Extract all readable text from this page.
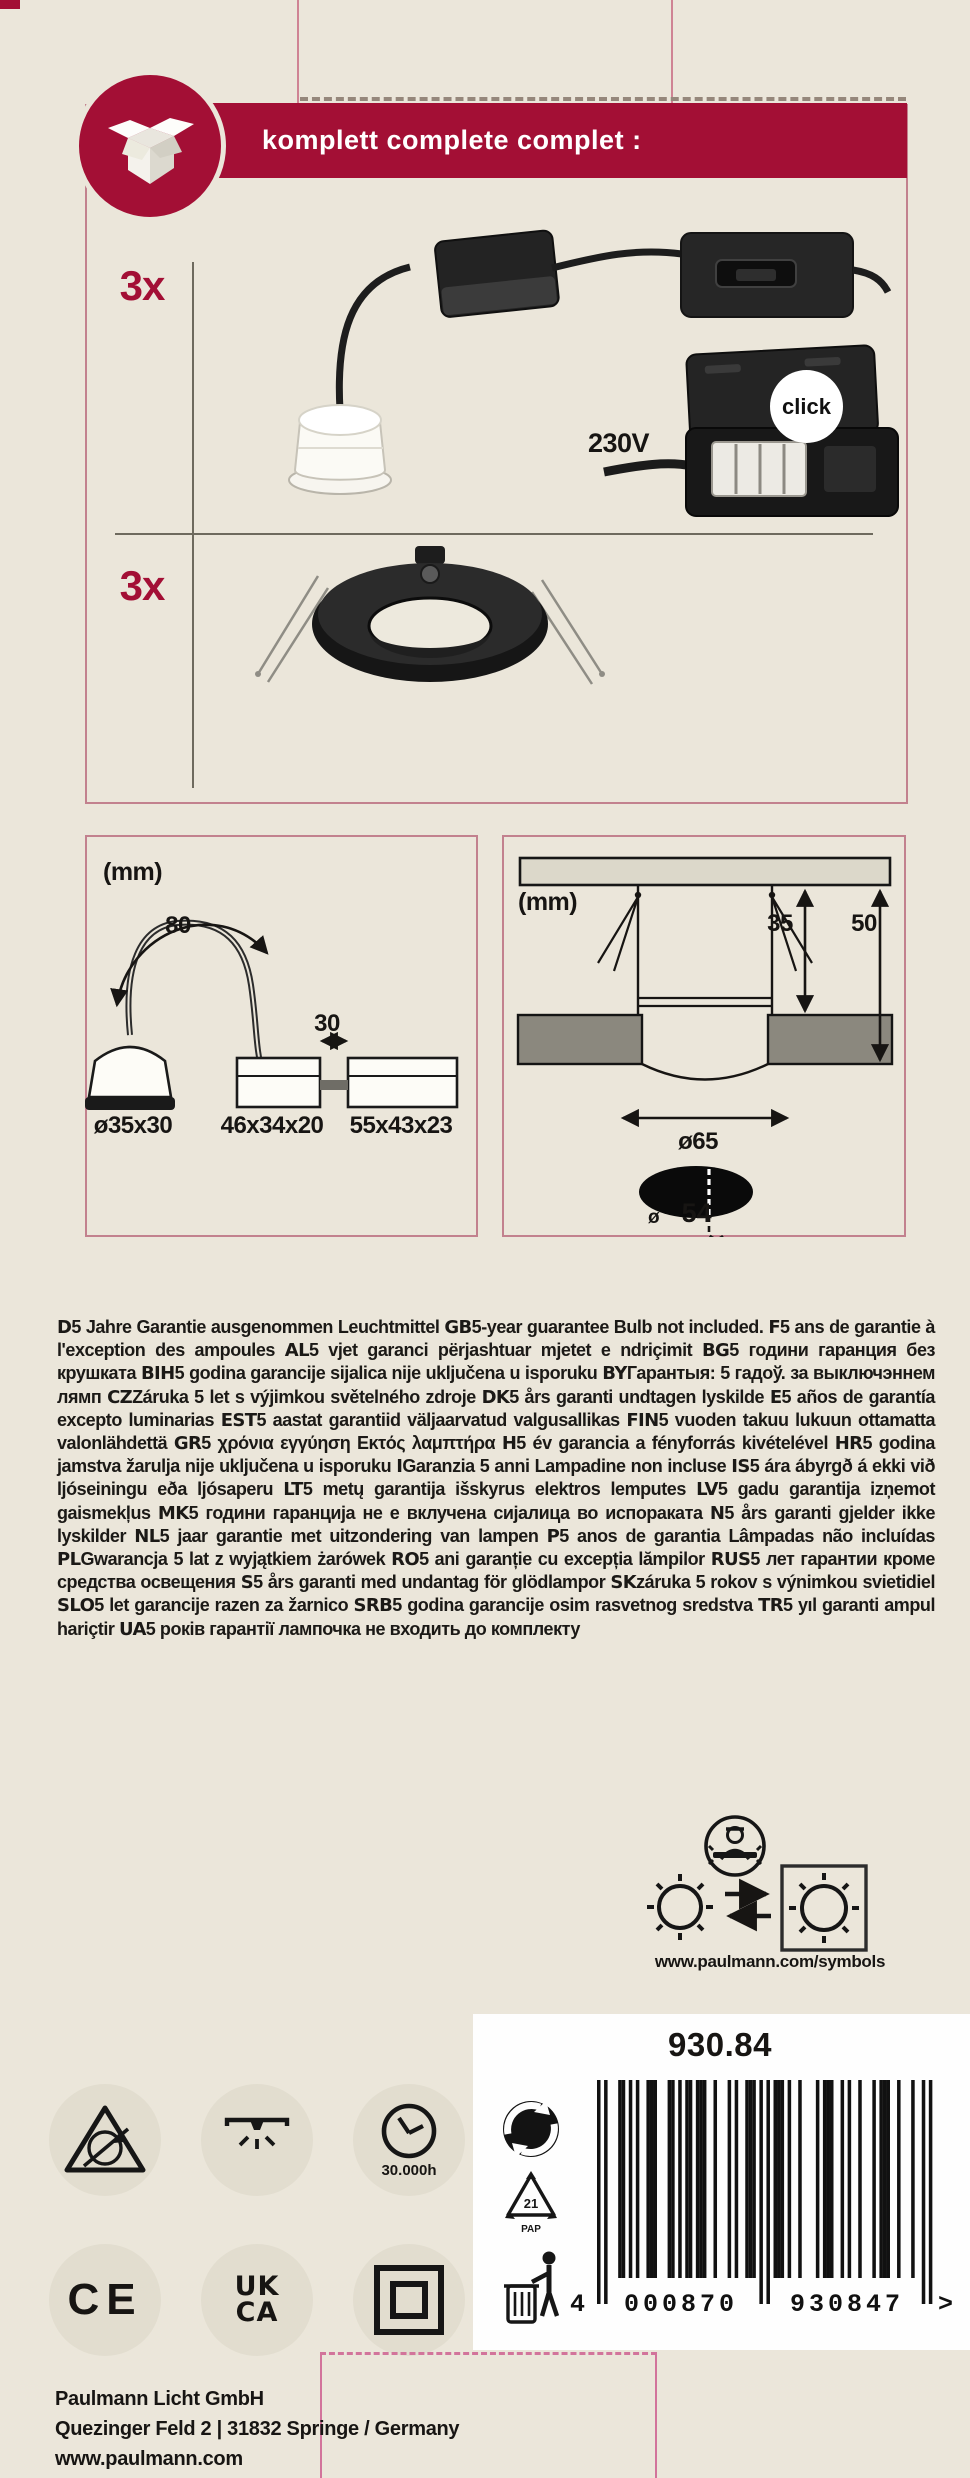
komplett complete complet :
3x
3x
click
230V
(mm)
80
30
ø35x30	46x34x20 55x43x23
(mm)
35	50
ø65
ø 54
D5 Jahre Garantie ausgenommen Leuchtmittel GB5-year guarantee Bulb not included. F5 ans de garantie à l'exception des ampoules AL5 vjet garanci përjashtuar mjetet e ndriçimit BG5 години гаранция без крушката BIH5 godina garancije sijalica nije uključena u isporuku BYГарантыя: 5 гадоў. за выключэннем лямп CZZáruka 5 let s výjimkou světelného zdroje DK5 års garanti undtagen lyskilde E5 años de garantía excepto luminarias EST5 aastat garantiid väljaarvatud valgusallikas FIN5 vuoden takuu lukuun ottamatta valonlähdettä GR5 χρόνια εγγύηση Εκτός λαμπτήρα H5 év garancia a fényforrás kivételével HR5 godina jamstva žarulja nije uključena u isporuku IGaranzia 5 anni Lampadine non incluse IS5 ára ábyrgð á ekki við ljóseiningu eða ljósaperu LT5 metų garantija išskyrus elektros lemputes LV5 gadu garantija izņemot gaismekļus MK5 години гаранција не е вклучена сијалица во испораката N5 års garanti gjelder ikke lyskilder NL5 jaar garantie met uitzondering van lampen P5 anos de garantia Lâmpadas não incluídas PLGwarancja 5 lat z wyjątkiem żarówek RO5 ani garanție cu excepția lămpilor RUS5 лет гарантии кроме средства освещения S5 års garanti med undantag för glödlampor SKzáruka 5 rokov s výnimkou svietidiel SLO5 let garancije razen za žarnico SRB5 godina garancije osim rasvetnog sredstva TR5 yıl garanti ampul hariçtir UA5 років гарантії лампочка не входить до комплекту
www.paulmann.com/symbols
930.84
21
PAP
4	000870	930847	>
30.000h
CE	UK
CA
Paulmann Licht GmbH
Quezinger Feld 2 | 31832 Springe / Germany
www.paulmann.com
